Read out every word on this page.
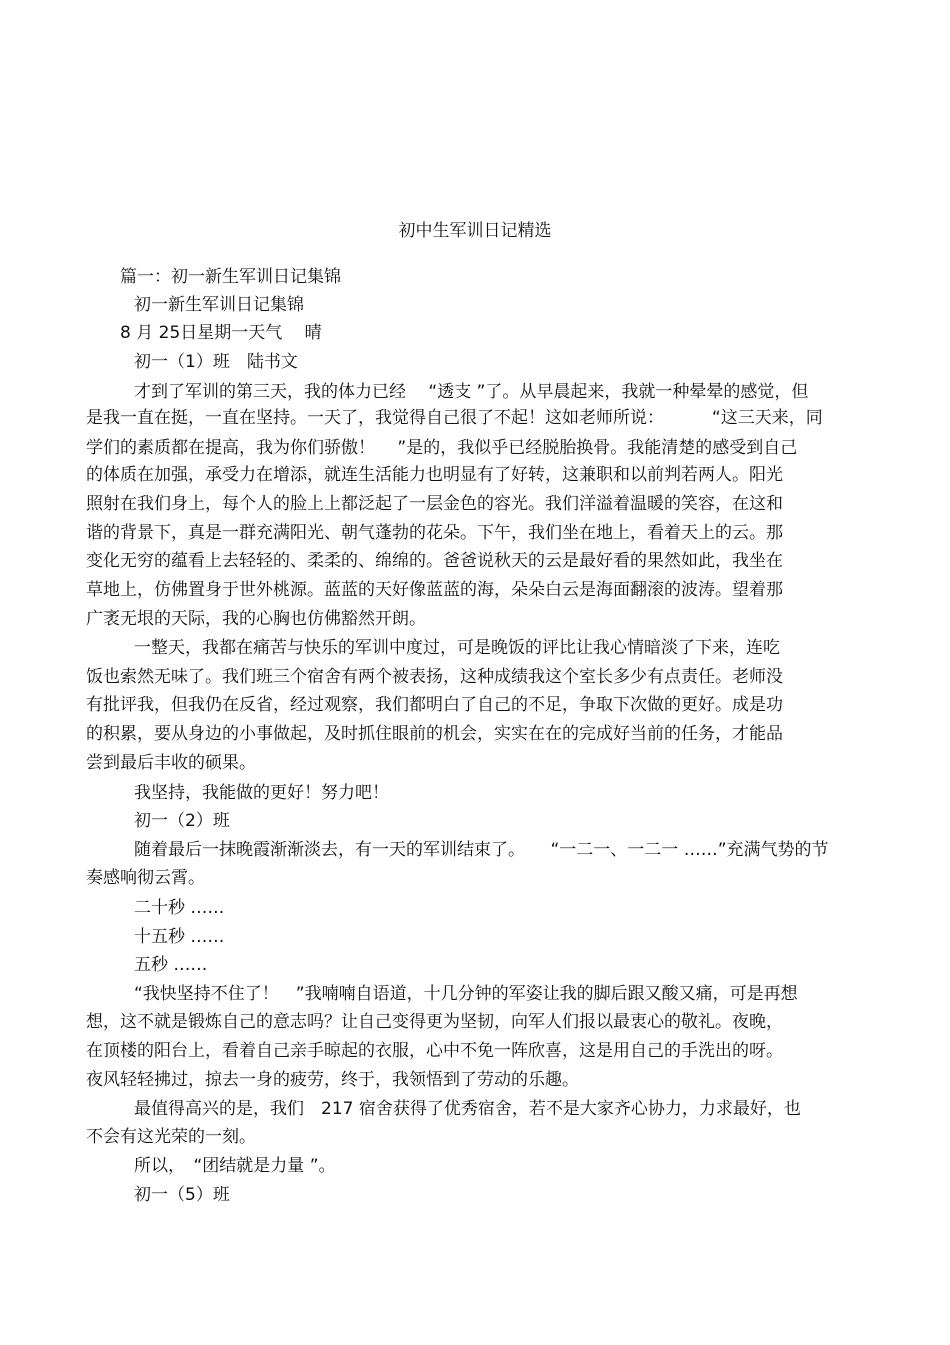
初中生军训日记精选
篇一：初一新生军训日记集锦
初一新生军训日记集锦
8 月 25日星期一天气　 晴
初一（1）班　陆书文
才到了军训的第三天，我的体力已经　 “透支 ”了。从早晨起来，我就一种晕晕的感觉，但
是我一直在挺，一直在坚持。一天了，我觉得自己很了不起！这如老师所说：　　　 “这三天来，同
学们的素质都在提高，我为你们骄傲！　 ”是的，我似乎已经脱胎换骨。我能清楚的感受到自己
的体质在加强，承受力在增添，就连生活能力也明显有了好转，这兼职和以前判若两人。阳光
照射在我们身上，每个人的脸上上都泛起了一层金色的容光。我们洋溢着温暖的笑容，在这和
谐的背景下，真是一群充满阳光、朝气蓬勃的花朵。下午，我们坐在地上，看着天上的云。那
变化无穷的蕴看上去轻轻的、柔柔的、绵绵的。爸爸说秋天的云是最好看的果然如此，我坐在
草地上，仿佛置身于世外桃源。蓝蓝的天好像蓝蓝的海，朵朵白云是海面翻滚的波涛。望着那
广袤无垠的天际，我的心胸也仿佛豁然开朗。
一整天，我都在痛苦与快乐的军训中度过，可是晚饭的评比让我心情暗淡了下来，连吃
饭也索然无味了。我们班三个宿舍有两个被表扬，这种成绩我这个室长多少有点责任。老师没
有批评我，但我仍在反省，经过观察，我们都明白了自己的不足，争取下次做的更好。成是功
的积累，要从身边的小事做起，及时抓住眼前的机会，实实在在的完成好当前的任务，才能品
尝到最后丰收的硕果。
我坚持，我能做的更好！努力吧！
初一（2）班
随着最后一抹晚霞渐渐淡去，有一天的军训结束了。　　“一二一、一二一 ……”充满气势的节
奏感响彻云霄。
二十秒 ……
十五秒 ……
五秒 ……
“我快坚持不住了！　”我喃喃自语道，十几分钟的军姿让我的脚后跟又酸又痛，可是再想
想，这不就是锻炼自己的意志吗？让自己变得更为坚韧，向军人们报以最衷心的敬礼。夜晚，
在顶楼的阳台上，看着自己亲手晾起的衣服，心中不免一阵欣喜，这是用自己的手洗出的呀。
夜风轻轻拂过，掠去一身的疲劳，终于，我领悟到了劳动的乐趣。
最值得高兴的是，我们　217 宿舍获得了优秀宿舍，若不是大家齐心协力，力求最好，也
不会有这光荣的一刻。
所以，　“团结就是力量 ”。
初一（5）班
